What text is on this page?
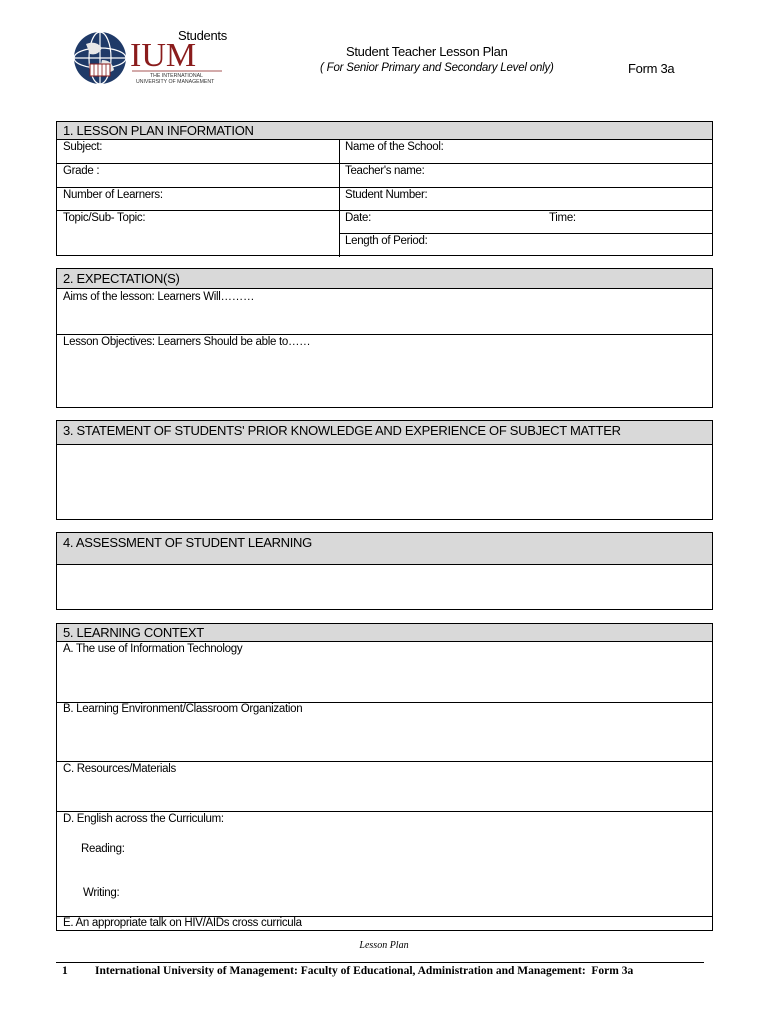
Students
IUM
THE INTERNATIONAL
UNIVERSITY OF MANAGEMENT
Student Teacher Lesson Plan
( For Senior Primary and Secondary Level only)	Form 3a
1. LESSON PLAN INFORMATION
Subject:	Name of the School:
Grade :	Teacher's name:
Number of Learners:	Student Number:
Topic/Sub- Topic:	Date:	Time:
Length of Period:
2. EXPECTATION(S)
Aims of the lesson: Learners Will………
Lesson Objectives: Learners Should be able to……
3. STATEMENT OF STUDENTS' PRIOR KNOWLEDGE AND EXPERIENCE OF SUBJECT MATTER
4. ASSESSMENT OF STUDENT LEARNING
5. LEARNING CONTEXT
A. The use of Information Technology
B. Learning Environment/Classroom Organization
C. Resources/Materials
D. English across the Curriculum:
Reading:
Writing:
E. An appropriate talk on HIV/AIDs cross curricula
Lesson Plan
1 International University of Management: Faculty of Educational, Administration and Management:  Form 3a
